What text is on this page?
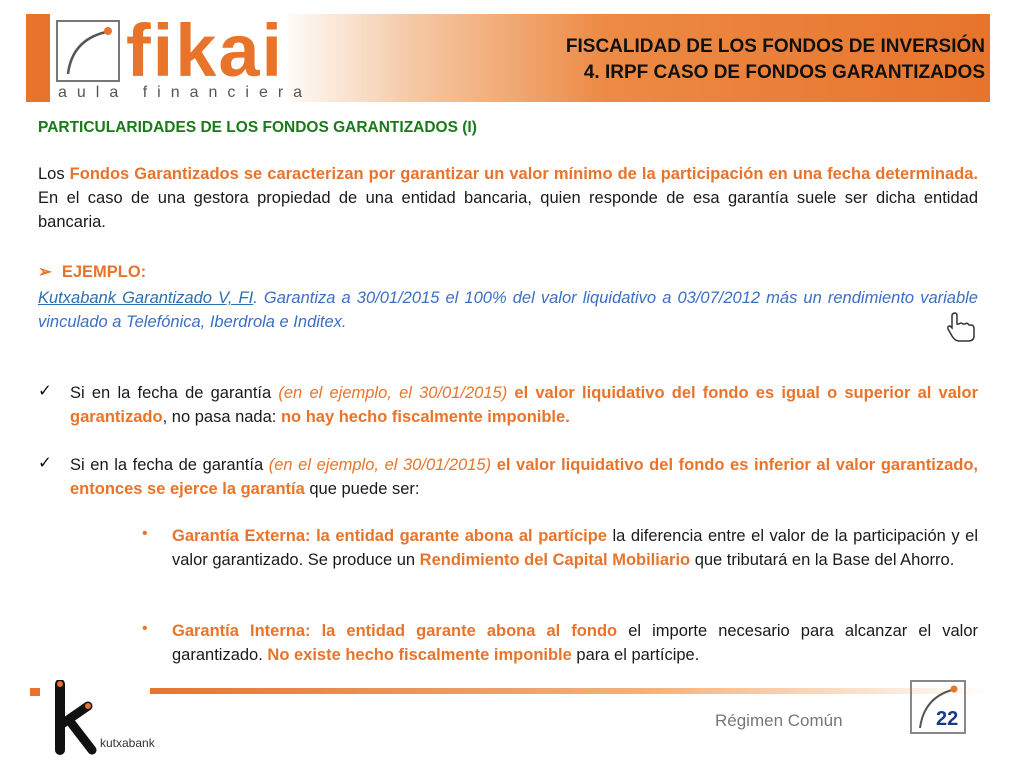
fikai
aula financiera
FISCALIDAD DE LOS FONDOS DE INVERSIÓN
4. IRPF CASO DE FONDOS GARANTIZADOS
PARTICULARIDADES DE LOS FONDOS GARANTIZADOS (I)
Los Fondos Garantizados se caracterizan por garantizar un valor mínimo de la participación en una fecha determinada. En el caso de una gestora propiedad de una entidad bancaria, quien responde de esa garantía suele ser dicha entidad bancaria.
➢ EJEMPLO:
Kutxabank Garantizado V, FI. Garantiza a 30/01/2015 el 100% del valor liquidativo a 03/07/2012 más un rendimiento variable vinculado a Telefónica, Iberdrola e Inditex.
✓ Si en la fecha de garantía (en el ejemplo, el 30/01/2015) el valor liquidativo del fondo es igual o superior al valor garantizado, no pasa nada: no hay hecho fiscalmente imponible.
✓ Si en la fecha de garantía (en el ejemplo, el 30/01/2015) el valor liquidativo del fondo es inferior al valor garantizado, entonces se ejerce la garantía que puede ser:
• Garantía Externa: la entidad garante abona al partícipe la diferencia entre el valor de la participación y el valor garantizado. Se produce un Rendimiento del Capital Mobiliario que tributará en la Base del Ahorro.
• Garantía Interna: la entidad garante abona al fondo el importe necesario para alcanzar el valor garantizado. No existe hecho fiscalmente imponible para el partícipe.
kutxabank
Régimen Común	22
